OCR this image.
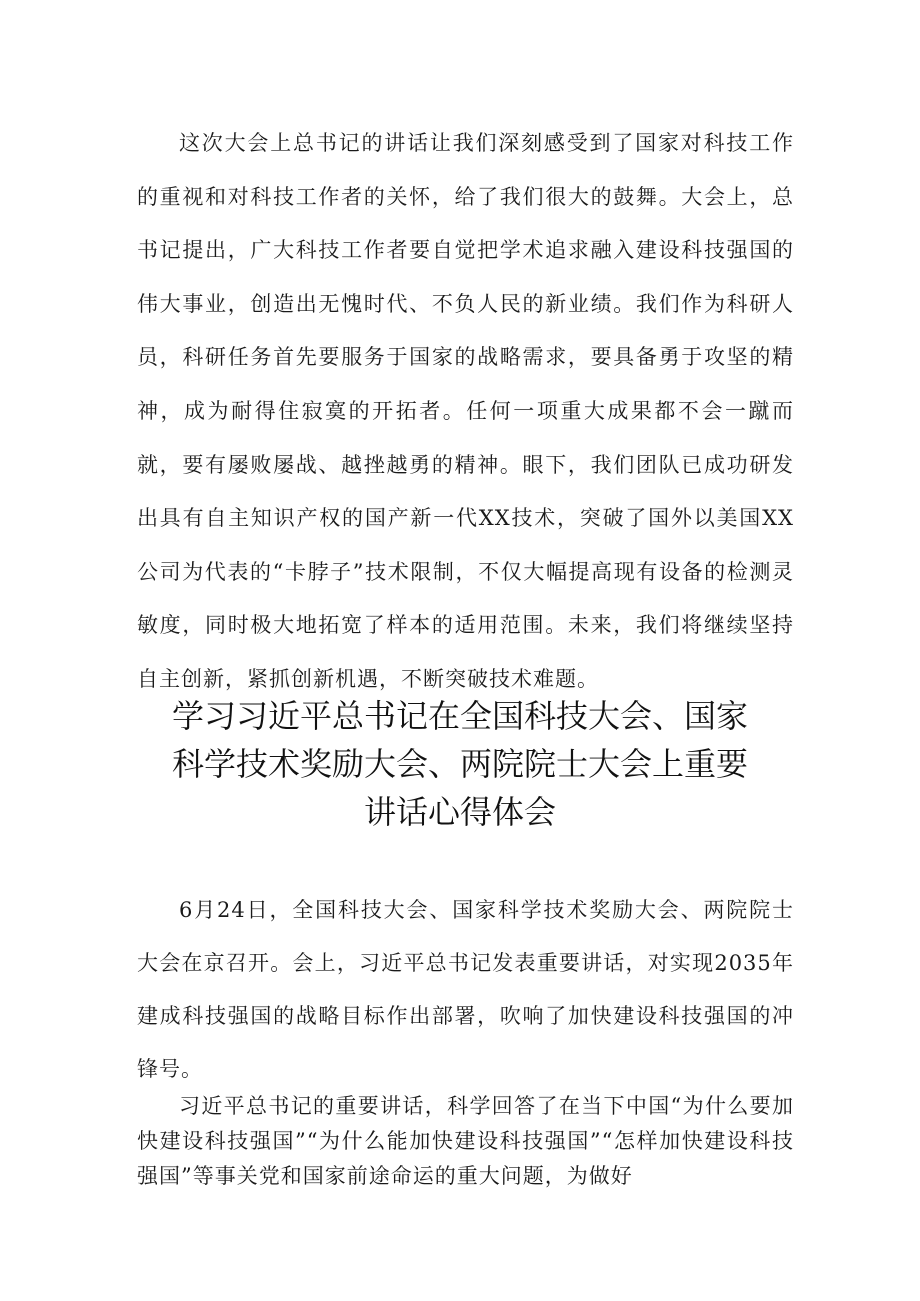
这次大会上总书记的讲话让我们深刻感受到了国家对科技工作的重视和对科技工作者的关怀，给了我们很大的鼓舞。大会上，总书记提出，广大科技工作者要自觉把学术追求融入建设科技强国的伟大事业，创造出无愧时代、不负人民的新业绩。我们作为科研人员，科研任务首先要服务于国家的战略需求，要具备勇于攻坚的精神，成为耐得住寂寞的开拓者。任何一项重大成果都不会一蹴而就，要有屡败屡战、越挫越勇的精神。眼下，我们团队已成功研发出具有自主知识产权的国产新一代XX技术，突破了国外以美国XX公司为代表的“卡脖子”技术限制，不仅大幅提高现有设备的检测灵敏度，同时极大地拓宽了样本的适用范围。未来，我们将继续坚持自主创新，紧抓创新机遇，不断突破技术难题。

学习习近平总书记在全国科技大会、国家
科学技术奖励大会、两院院士大会上重要
讲话心得体会

6月24日，全国科技大会、国家科学技术奖励大会、两院院士大会在京召开。会上，习近平总书记发表重要讲话，对实现2035年建成科技强国的战略目标作出部署，吹响了加快建设科技强国的冲锋号。

习近平总书记的重要讲话，科学回答了在当下中国“为什么要加快建设科技强国”“为什么能加快建设科技强国”“怎样加快建设科技强国”等事关党和国家前途命运的重大问题，为做好
